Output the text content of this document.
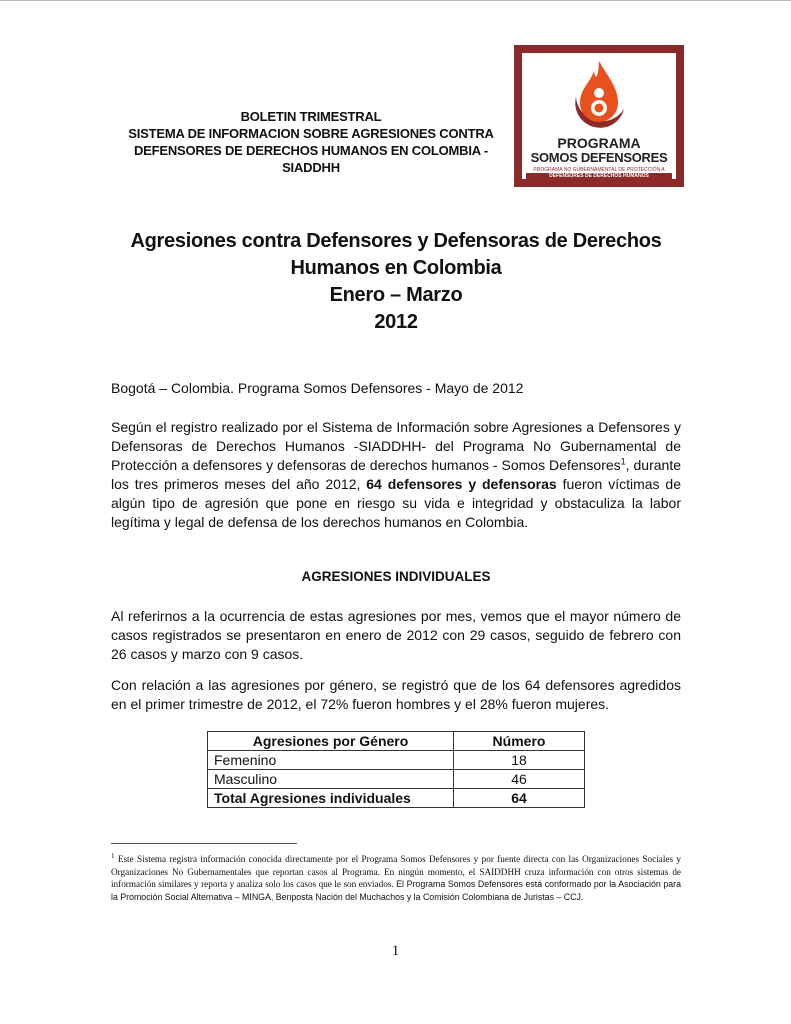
BOLETIN TRIMESTRAL
SISTEMA DE INFORMACION SOBRE AGRESIONES CONTRA
DEFENSORES DE DERECHOS HUMANOS EN COLOMBIA -
SIADDHH
PROGRAMA
SOMOS DEFENSORES
PROGRAMA NO GUBERNAMENTAL DE PROTECCIÓN A
DEFENSORES DE DERECHOS HUMANOS
Agresiones contra Defensores y Defensoras de Derechos
Humanos en Colombia
Enero – Marzo
2012
Bogotá – Colombia. Programa Somos Defensores - Mayo de 2012
Según el registro realizado por el Sistema de Información sobre Agresiones a Defensores y Defensoras de Derechos Humanos -SIADDHH- del Programa No Gubernamental de Protección a defensores y defensoras de derechos humanos - Somos Defensores$^1$, durante los tres primeros meses del año 2012, 64 defensores y defensoras fueron víctimas de algún tipo de agresión que pone en riesgo su vida e integridad y obstaculiza la labor legítima y legal de defensa de los derechos humanos en Colombia.
AGRESIONES INDIVIDUALES
Al referirnos a la ocurrencia de estas agresiones por mes, vemos que el mayor número de casos registrados se presentaron en enero de 2012 con 29 casos, seguido de febrero con 26 casos y marzo con 9 casos.
Con relación a las agresiones por género, se registró que de los 64 defensores agredidos en el primer trimestre de 2012, el 72% fueron hombres y el 28% fueron mujeres.
Agresiones por Género	Número
Femenino	18
Masculino	46
Total Agresiones individuales	64
$^1$ Este Sistema registra información conocida directamente por el Programa Somos Defensores y por fuente directa con las Organizaciones Sociales y Organizaciones No Gubernamentales que reportan casos al Programa. En ningún momento, el SAIDDHH cruza información con otros sistemas de información similares y reporta y analiza solo los casos que le son enviados. El Programa Somos Defensores está conformado por la Asociación para la Promoción Social Alternativa – MINGA, Benposta Nación del Muchachos y la Comisión Colombiana de Juristas – CCJ.
1
